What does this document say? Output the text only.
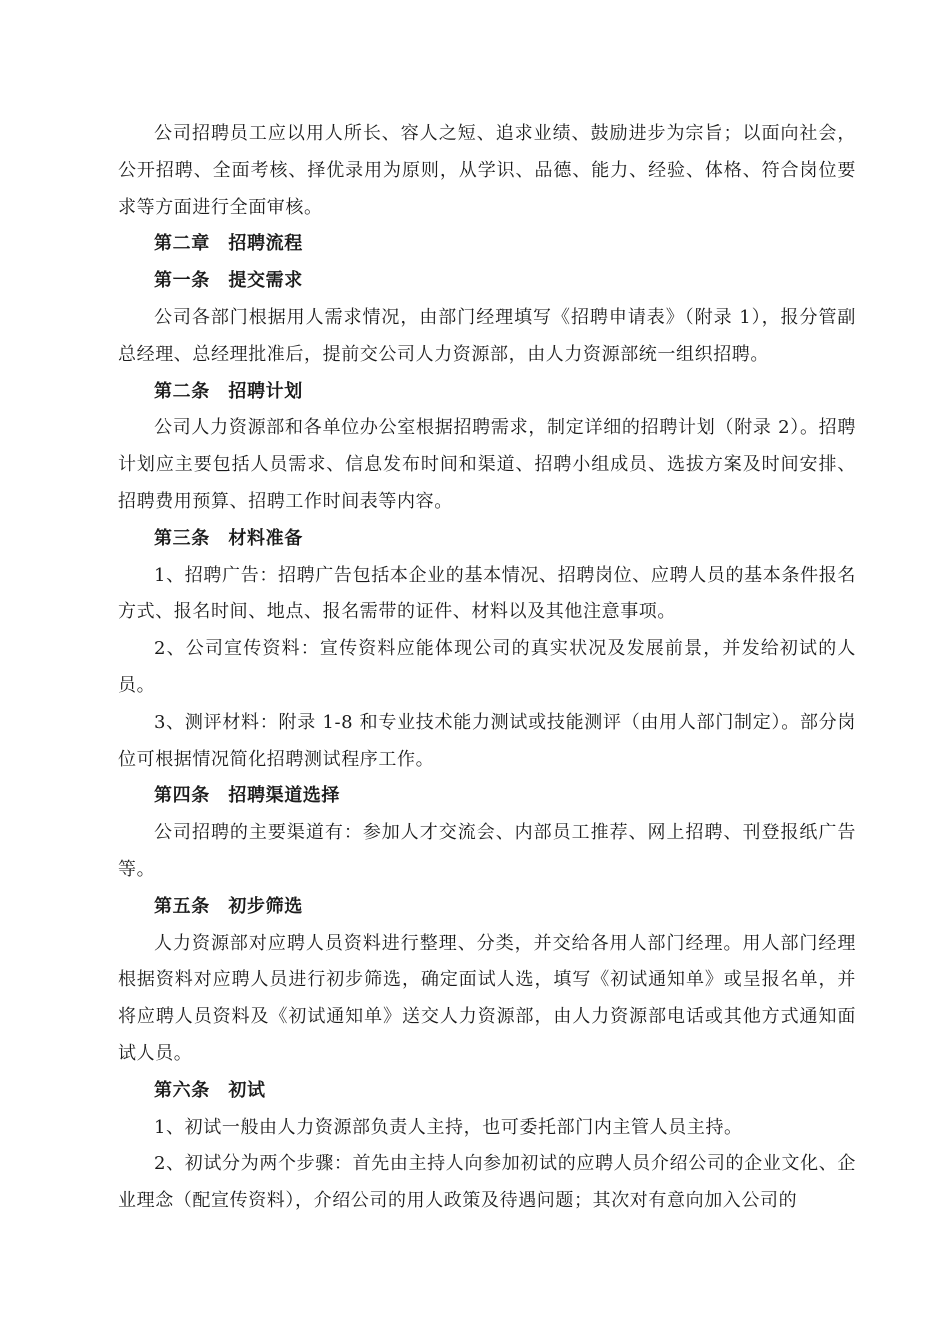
公司招聘员工应以用人所长、容人之短、追求业绩、鼓励进步为宗旨；以面向社会，公开招聘、全面考核、择优录用为原则，从学识、品德、能力、经验、体格、符合岗位要求等方面进行全面审核。

第二章　招聘流程

第一条　提交需求

公司各部门根据用人需求情况，由部门经理填写《招聘申请表》（附录 1），报分管副总经理、总经理批准后，提前交公司人力资源部，由人力资源部统一组织招聘。

第二条　招聘计划

公司人力资源部和各单位办公室根据招聘需求，制定详细的招聘计划（附录 2）。招聘计划应主要包括人员需求、信息发布时间和渠道、招聘小组成员、选拔方案及时间安排、招聘费用预算、招聘工作时间表等内容。

第三条　材料准备

1、招聘广告：招聘广告包括本企业的基本情况、招聘岗位、应聘人员的基本条件报名方式、报名时间、地点、报名需带的证件、材料以及其他注意事项。

2、公司宣传资料：宣传资料应能体现公司的真实状况及发展前景，并发给初试的人员。

3、测评材料：附录 1-8 和专业技术能力测试或技能测评（由用人部门制定）。部分岗位可根据情况简化招聘测试程序工作。

第四条　招聘渠道选择

公司招聘的主要渠道有：参加人才交流会、内部员工推荐、网上招聘、刊登报纸广告等。

第五条　初步筛选

人力资源部对应聘人员资料进行整理、分类，并交给各用人部门经理。用人部门经理根据资料对应聘人员进行初步筛选，确定面试人选，填写《初试通知单》或呈报名单，并将应聘人员资料及《初试通知单》送交人力资源部，由人力资源部电话或其他方式通知面试人员。

第六条　初试

1、初试一般由人力资源部负责人主持，也可委托部门内主管人员主持。

2、初试分为两个步骤：首先由主持人向参加初试的应聘人员介绍公司的企业文化、企业理念（配宣传资料），介绍公司的用人政策及待遇问题；其次对有意向加入公司的
